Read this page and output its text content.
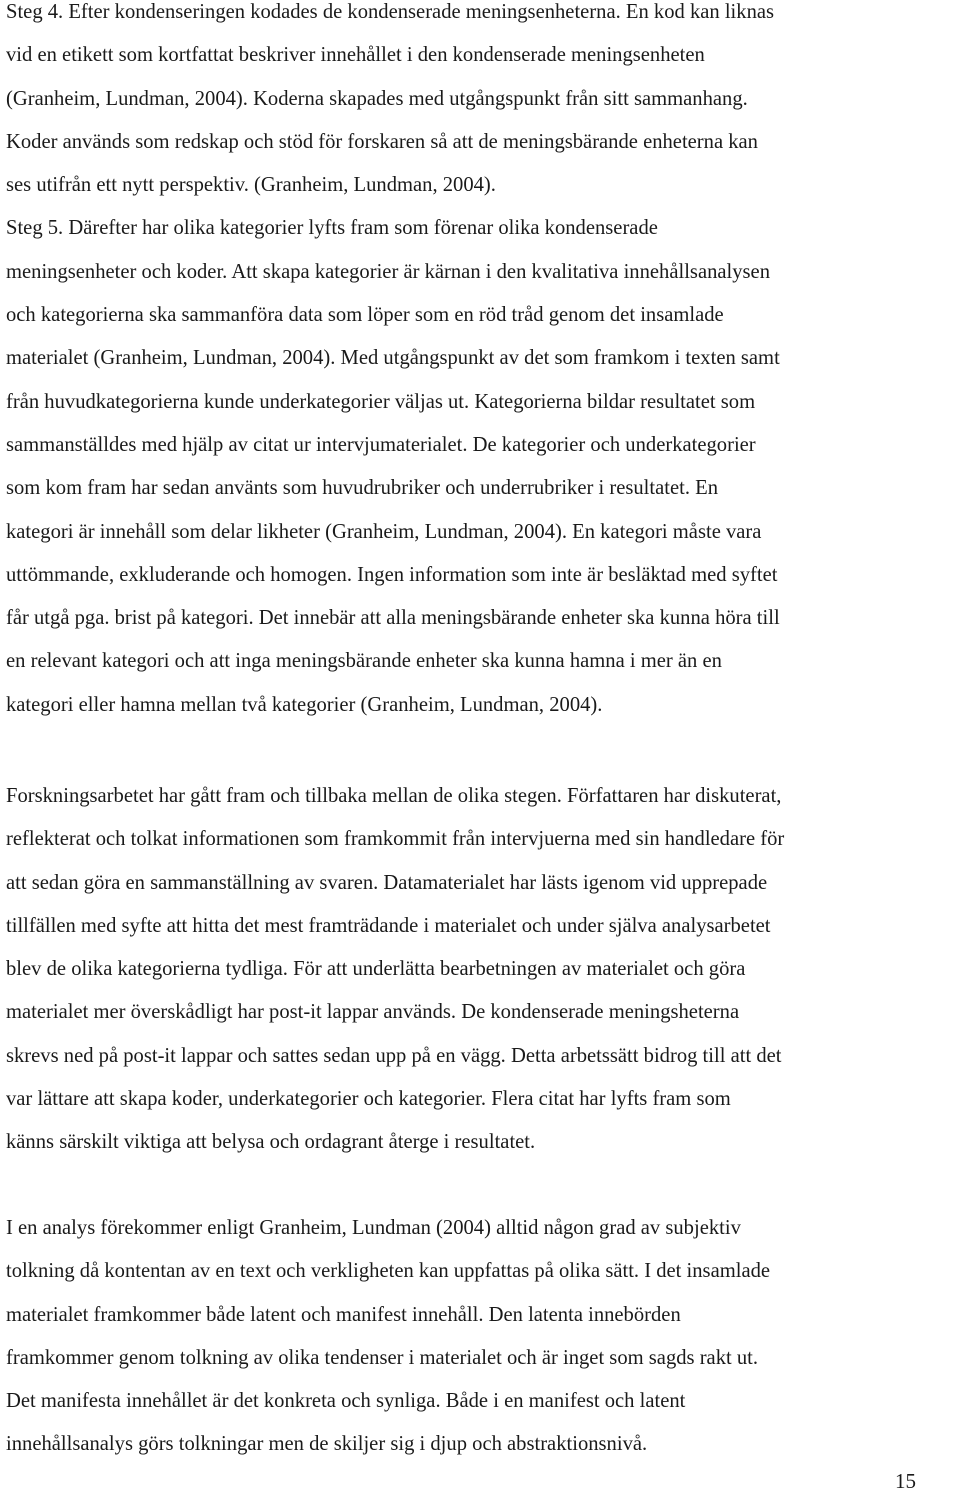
Steg 4. Efter kondenseringen kodades de kondenserade meningsenheterna. En kod kan liknas
vid en etikett som kortfattat beskriver innehållet i den kondenserade meningsenheten
(Granheim, Lundman, 2004). Koderna skapades med utgångspunkt från sitt sammanhang.
Koder används som redskap och stöd för forskaren så att de meningsbärande enheterna kan
ses utifrån ett nytt perspektiv. (Granheim, Lundman, 2004).
Steg 5. Därefter har olika kategorier lyfts fram som förenar olika kondenserade
meningsenheter och koder. Att skapa kategorier är kärnan i den kvalitativa innehållsanalysen
och kategorierna ska sammanföra data som löper som en röd tråd genom det insamlade
materialet (Granheim, Lundman, 2004). Med utgångspunkt av det som framkom i texten samt
från huvudkategorierna kunde underkategorier väljas ut. Kategorierna bildar resultatet som
sammanställdes med hjälp av citat ur intervjumaterialet. De kategorier och underkategorier
som kom fram har sedan använts som huvudrubriker och underrubriker i resultatet. En
kategori är innehåll som delar likheter (Granheim, Lundman, 2004). En kategori måste vara
uttömmande, exkluderande och homogen. Ingen information som inte är besläktad med syftet
får utgå pga. brist på kategori. Det innebär att alla meningsbärande enheter ska kunna höra till
en relevant kategori och att inga meningsbärande enheter ska kunna hamna i mer än en
kategori eller hamna mellan två kategorier (Granheim, Lundman, 2004).

Forskningsarbetet har gått fram och tillbaka mellan de olika stegen. Författaren har diskuterat,
reflekterat och tolkat informationen som framkommit från intervjuerna med sin handledare för
att sedan göra en sammanställning av svaren. Datamaterialet har lästs igenom vid upprepade
tillfällen med syfte att hitta det mest framträdande i materialet och under själva analysarbetet
blev de olika kategorierna tydliga. För att underlätta bearbetningen av materialet och göra
materialet mer överskådligt har post-it lappar används. De kondenserade meningsheterna
skrevs ned på post-it lappar och sattes sedan upp på en vägg. Detta arbetssätt bidrog till att det
var lättare att skapa koder, underkategorier och kategorier. Flera citat har lyfts fram som
känns särskilt viktiga att belysa och ordagrant återge i resultatet.

I en analys förekommer enligt Granheim, Lundman (2004) alltid någon grad av subjektiv
tolkning då kontentan av en text och verkligheten kan uppfattas på olika sätt. I det insamlade
materialet framkommer både latent och manifest innehåll. Den latenta innebörden
framkommer genom tolkning av olika tendenser i materialet och är inget som sagds rakt ut.
Det manifesta innehållet är det konkreta och synliga. Både i en manifest och latent
innehållsanalys görs tolkningar men de skiljer sig i djup och abstraktionsnivå.

15
